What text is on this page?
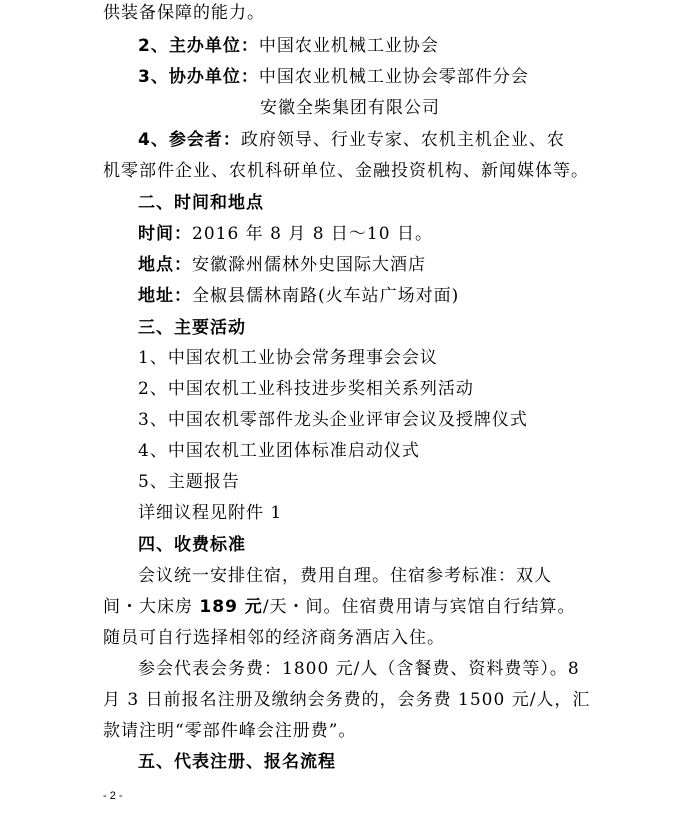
供装备保障的能力。
2、主办单位：中国农业机械工业协会
3、协办单位：中国农业机械工业协会零部件分会
安徽全柴集团有限公司
4、参会者：政府领导、行业专家、农机主机企业、农
机零部件企业、农机科研单位、金融投资机构、新闻媒体等。
二、时间和地点
时间：2016 年 8 月 8 日～10 日。
地点：安徽滁州儒林外史国际大酒店
地址：全椒县儒林南路(火车站广场对面)
三、主要活动
1、中国农机工业协会常务理事会会议
2、中国农机工业科技进步奖相关系列活动
3、中国农机零部件龙头企业评审会议及授牌仪式
4、中国农机工业团体标准启动仪式
5、主题报告
详细议程见附件 1
四、收费标准
会议统一安排住宿，费用自理。住宿参考标准：双人
间・大床房 189 元/天・间。住宿费用请与宾馆自行结算。
随员可自行选择相邻的经济商务酒店入住。
参会代表会务费：1800 元/人（含餐费、资料费等）。8
月 3 日前报名注册及缴纳会务费的，会务费 1500 元/人，汇
款请注明“零部件峰会注册费”。
五、代表注册、报名流程
- 2 -
